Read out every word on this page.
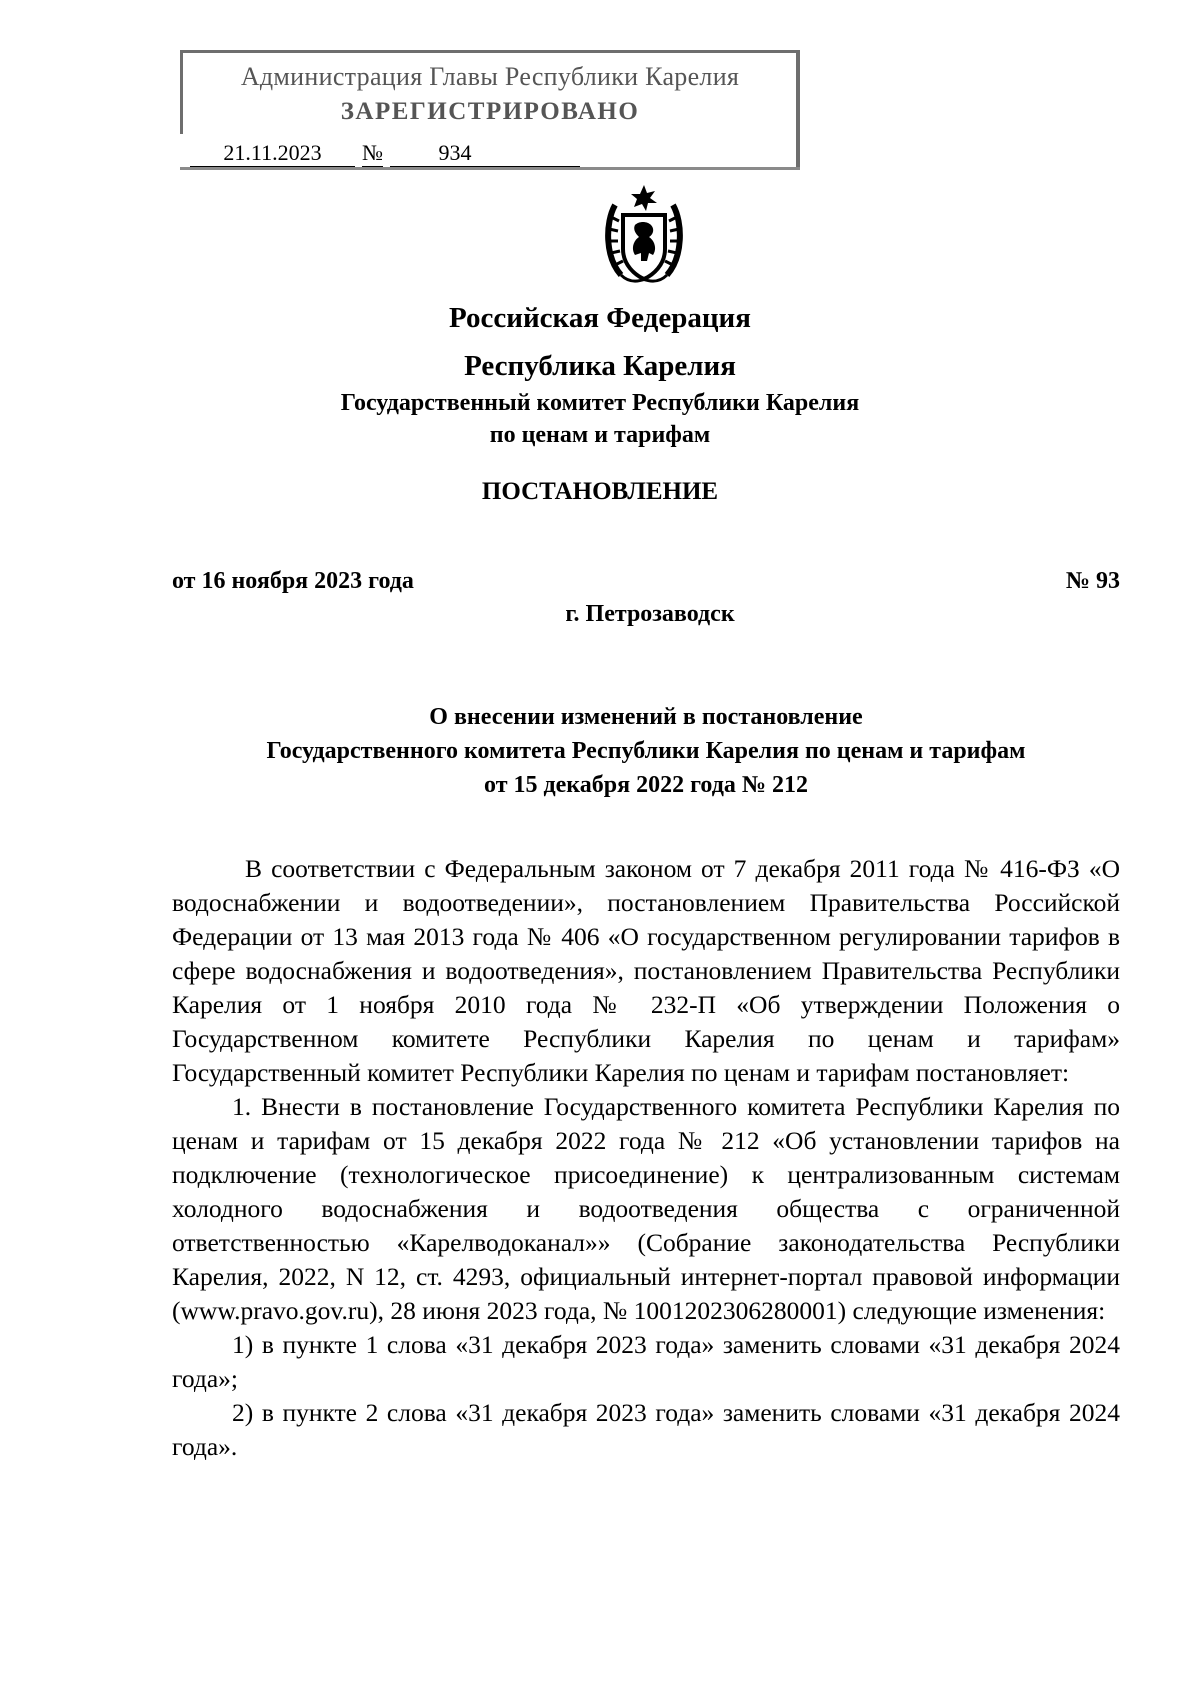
Администрация Главы Республики Карелия
ЗАРЕГИСТРИРОВАНО
21.11.2023	№	934
Российская Федерация
Республика Карелия
Государственный комитет Республики Карелия
по ценам и тарифам
ПОСТАНОВЛЕНИЕ
от 16 ноября 2023 года	№ 93
г. Петрозаводск
О внесении изменений в постановление
Государственного комитета Республики Карелия по ценам и тарифам
от 15 декабря 2022 года № 212

В соответствии с Федеральным законом от 7 декабря 2011 года № 416-ФЗ «О водоснабжении и водоотведении», постановлением Правительства Российской Федерации от 13 мая 2013 года № 406 «О государственном регулировании тарифов в сфере водоснабжения и водоотведения», постановлением Правительства Республики Карелия от 1 ноября 2010 года № 232-П «Об утверждении Положения о Государственном комитете Республики Карелия по ценам и тарифам» Государственный комитет Республики Карелия по ценам и тарифам постановляет:

1. Внести в постановление Государственного комитета Республики Карелия по ценам и тарифам от 15 декабря 2022 года № 212 «Об установлении тарифов на подключение (технологическое присоединение) к централизованным системам холодного водоснабжения и водоотведения общества с ограниченной ответственностью «Карелводоканал»» (Собрание законодательства Республики Карелия, 2022, N 12, ст. 4293, официальный интернет-портал правовой информации (www.pravo.gov.ru), 28 июня 2023 года, № 1001202306280001) следующие изменения:

1) в пункте 1 слова «31 декабря 2023 года» заменить словами «31 декабря 2024 года»;

2) в пункте 2 слова «31 декабря 2023 года» заменить словами «31 декабря 2024 года».
